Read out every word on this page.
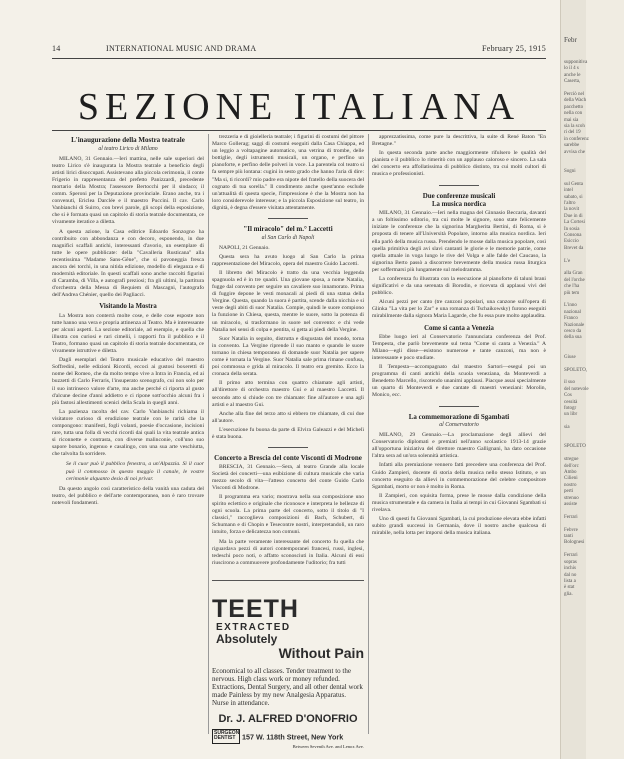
14	INTERNATIONAL MUSIC AND DRAMA	February 25, 1915
SEZIONE ITALIANA
L'inaugurazione della Mostra teatrale
al teatro Lirico di Milano

MILANO, 31 Gennaio.—Ieri mattina, nelle sale superiori del teatro Lirico s'è inaugurata la Mostra teatrale a beneficio degli artisti lirici disoccupati. Assistevano alla piccola cerimonia, il conte Frigerio in rappresentanza del prefetto Panizzardi, precedente mortario della Mostra; l'assessore Bertocchi per il sindaco; il comm. Speroni per la Deputazione provinciale. Erano anche, tra i convenuti, Ericlea Darclée e il maestro Puccini. Il cav. Carlo Vanbianchi di Suirro, con brevi parole, gli scopi della esposizione, che si è formata quasi un capitolo di storia teatrale documentata, ce vivamente iteratice a diletta.

A questa azione, la Casa editrice Edoardo Sonzogno ha contribuito con abbondanza e con decoro, esponendo, in due magnifici scaffali antichi, interessanti d'avorio, un esemplare di tutte le opere pubblicate: della "Cavalleria Rusticana" alla recentissima "Madame Sans-Gêne", che si pavoneggia fresca ancora dei torchi, in una nitida edizione, modello di eleganza e di modernità editoriale. In questi scaffali sono anche raccolti figurini di Caramba, di Villa, e autografi preziosi; fra gli ultimi, la partitura d'orchestra della Messa di Requiem di Mascagni, l'autografo dell'Andrea Chénier, quello dei Pagliacci.

Visitando la Mostra

La Mostra non conterrà molte cose, e delle cose esposte non tutte hanno una vera e propria attinenza al Teatro. Ma è interessante per alcuni aspetti. La sezione editoriale, ad esempio, e quella che illustra con curiosi e rari cimelii, i rapporti fra il pubblico e il Teatro, formano quasi un capitolo di storia teatrale documentata, ce vivamente istruttive e diletta.

Dagli esemplari del Teatro musicale educativo del maestro Soffredini, nelle edizioni Ricordi, eccoci ai gustosi boxeretti di nome del Romeo, che da molto tempo vive a Intra in Francia, ed ai buzzetti di Carlo Ferraris, l'insuperato scenografo, cui non solo per il suo intrinseco valore d'arte, ma anche perché ci riporta al gusto d'alcune decine d'anni addietro e ci ripone sott'occhio alcuni fra i più fastosi allestimenti scenici della Scala in quegli anni.

La pazienza racolta del cav. Carlo Vanbianchi richiama il visitatore curioso di erudizione teatrale con le rarità che la compongono: manifesti, fogli volanti, poesie d'occasione, incisioni rare, tutta una folla di vecchi ricordi dai quali la vita teatrale antica si riconnette e contrasta, con diverse malinconie, coll'uno suo sapore bonario, ingenuo e casalingo, con una sua arte veschiutta, che talvolta fa sorridere.

Se il cuor può il pubblico fenestra, a un'Alpazzia. Sì il cuor può il commosso in questo maggio il canale, le vostre cerimonie alquanto desio di noi privar.

Da questo angolo così caratteristico della vanità una caduta del teatro, del pubblico e dell'arte contemporanea, non è raro trovare notevoli fondamenti.

trezzeria e di gioielleria teatrale; i figurini di costumi del pittore Marco Gollerag; saggi di costumi eseguiti dalla Casa Chiappa, ed un leggio a voltapagine automatico, una vetrina di trombe, delle bottiglie, degli istrumenti musicali, un organo, e perfino un pianoforte, e perfino delle polveri in voce. La parentela col teatro si fa sempre più lontana: cugini in sesto grado che hanno l'aria di dire: "Ma si, ti ricordi? mio padre era nipote del fratello della suocera del cognato di tua sorella." Il condimento anche quest'anno esclude un'attualità di questa specie, l'impressione è che la Mostra non ha loro considerevole interesse; e la piccola Esposizione sul teatro, in dignità, è degna d'essere visitata attentamente.

"Il miracolo" del m.° Laccetti
al San Carlo di Napoli

NAPOLI, 21 Gennaio.

Questa sera ha avuto luogo al San Carlo la prima rappresentazione del Miracolo, opera del maestro Guido Laccetti.

Il libretto del Miracolo è tratto da una vecchia leggenda spagnuola ed è in tre quadri. Una giovane sposa, a nome Natalia, fugge dal convento per seguire un cavaliere suo innamorato. Prima di fuggire depone le vesti monacali ai piedi di una statua della Vergine. Questa, quando la suora è partita, scende dalla nicchia e si veste degli abiti di suor Natalia. Compie, quindi le suore compiono la funzione in Chiesa, questa, mentre le suore, sotto la potenza di un miracolo, si trasformano in suore nel convento: e chi vede Natalia nei sensi di colpa e pentita, si getta ai piedi della Vergine.

Suor Natalia in seguito, distrutta e disgustata del mondo, torna in convento. La Vergine riprende il suo manto e quando le suore tornano in chiesa temporanea di domande suor Natalia per sapere come è tornata la Vergine. Suor Natalia sale prima rimane confusa, poi commossa e grida al miracolo. Il teatro era gremito. Ecco la cronaca della serata.

Il primo atto termina con quattro chiamate agli artisti, all'direttore di orchestra maestro Gui e al maestro Laccetti. Il secondo atto si chiude con tre chiamate: fine all'autore e una agli artisti e al maestro Gui.

Anche alla fine del terzo atto si ebbero tre chiamate, di cui due all'autore.

L'esecuzione fu buona da parte di Elvira Galeazzi e del Michelì è stata buona.

Concerto a Brescia del conte Visconti di Modrone

BRESCIA, 31 Gennaio.—Sera, al teatro Grande alla locale Società dei concerti—una esibizione di cultura musicale che varia mezzo secolo di vita—l'atteso concerto del conte Guido Carlo Visconti di Modrone.

Il programma era vario; mostrava nella sua composizione uno spirito eclettico e originale che riconosce e interpreta le bellezze di ogni scuola. La prima parte del concerto, sotto il titolo di "I classici," raccoglieva composizioni di Bach, Schubert, di Schumann e di Chopin e Tesecontre nostri, interpretandoli, un raro intuito, forza e delicatezza non comuni.

Ma la parte veramente interessante del concerto fu quella che riguardava pezzi di autori contemporanei francesi, russi, inglesi, tedeschi poco noti, o affatto sconosciuti in Italia. Alcuni di essi riuscirono a commuovere profondamente l'uditorio; fra tutti

TEETH EXTRACTED
Absolutely
Without Pain
Economical to all classes. Tender treatment to the nervous. High class work or money refunded. Extractions, Dental Surgery, and all other dental work made Painless by my new Analgesia Apparatus. Nurse in attendance.
Dr. J. ALFRED D'ONOFRIO
SURGEON DENTIST 157 W. 118th Street, New York
Between Seventh Ave. and Lenox Ave.

apprezzatissima, come pure la descrittiva, la suite di René Baton "En Bretagne."

In questa seconda parte anche maggiormente rifulsero le qualità del pianista e il pubblico lo rimeritò con un applauso caloroso e sincero. La sala del concerto era affollatissima di pubblico distinto, tra cui molti cultori di musica e professionisti.

Due conferenze musicali
La musica nordica

MILANO, 31 Gennaio.—Ieri nella magna del Ginnasio Beccaria, davanti a un foltissimo uditorio, tra cui molte le signore, sono state felicemente iniziate le conferenze che la signorina Margherita Bertini, di Roma, si è proposta di tenere all'Università Popolare, intorno alla musica nordica. Ieri ella parlò della musica russa. Prendendo le mosse dalla musica popolare, così quella primitiva degli avi slavi cantanti le glorie e le memorie patrie, come quella attuale in voga lungo le rive del Volga e alle falde del Caucaso, la signorina Berto passò a discorrere brevemente della musica russa liturgica per soffermarsi più lungamente sul melodramma.

La conferenza fu illustrata con la esecuzione al pianoforte di taluni brani significativi e da una serenata di Borodin, e ricevuta di applausi vivi del pubblico.

Alcuni pezzi per canto (tre canzoni popolari, una canzone sull'opera di Glinka "La vita per lo Zar" e una romanza di Tschaikowsky) furono eseguiti mirabilmente dalla signora Maria Lagarde, che fu essa pure molto applaudita.

Come si canta a Venezia

Ebbe luogo ieri al Conservatorio l'annunciata conferenza del Prof. Tempesta, che parlò brevemente sul tema "Come si canta a Venezia." A Milano—egli disse—esistono numerose e tante canzoni, ma non è interessante e poco studiate.

Il Tempesta—accompagnato dal maestro Sartori—eseguì poi un programma di canti antichi della scuola veneziana, da Monteverdi a Benedetto Marcello, riscotendo unanimi applausi. Piacque assai specialmente un quarto di Monteverdi e due cantate di maestri veneziani: Morolin, Monico, ecc.

La commemorazione di Sgambati
al Conservatorio

MILANO, 29 Gennaio.—La proclamazione degli allievi del Conservatorio diplomati e premiati nell'anno scolastico 1913-14 grazie all'opportuna iniziativa del direttore maestro Gallignani, ha dato occasione l'altra sera ad un'ora solennità artistica.

Infatti alla premiazione vennero fatti precedere una conferenza del Prof. Guido Zampieri, docente di storia della musica nello stesso Istituto, e un concerto eseguito da allievi in commemorazione del celebre compositore Sgambati, morto or non è molto in Roma.

Il Zampieri, con squisita forma, prese le mosse dalla condizione della musica strumentale e da camera in Italia ai tempi in cui Giovanni Sgambati si rivelava.

Uno di questi fu Giovanni Sgambati, la cui produzione elevata ebbe infatti subito grandi successi in Germania, dove il nostro anche qualcosa di mirabile, nella lotta per imporsi della musica italiana.

Febr
supponitiva
lo il 4 s
anche le
Caserta,

Perciò nel
della Wach
pacchetto
nella con
mai sia
sia la scoh
ri del 19
in conferenz
sarebbe
avvisa che

Sogni

sul Genta
intel
sabato, si
l'altro
la novit
Due in di
La Cortesi
In sosia
Consona
Esiccio
Brevet da

L'e

alla Gran
del l'orche
che l'ha
più tem

L'inno
nazional
Franco
Nazionale
cesco da
della sua

Giuse

SPOLETO,

il suo
del notevole
Cos
cessità
fotogr
un libr

sia

SPOLETO

stregue
dell'orc
Ambo
Cilieni
nostro
perti
strenuo
assiste

Ferrari

Febvre
tanti
Bolognesi

Ferrari
sopras
inchis
dal no
lista a
è stat
glia.
